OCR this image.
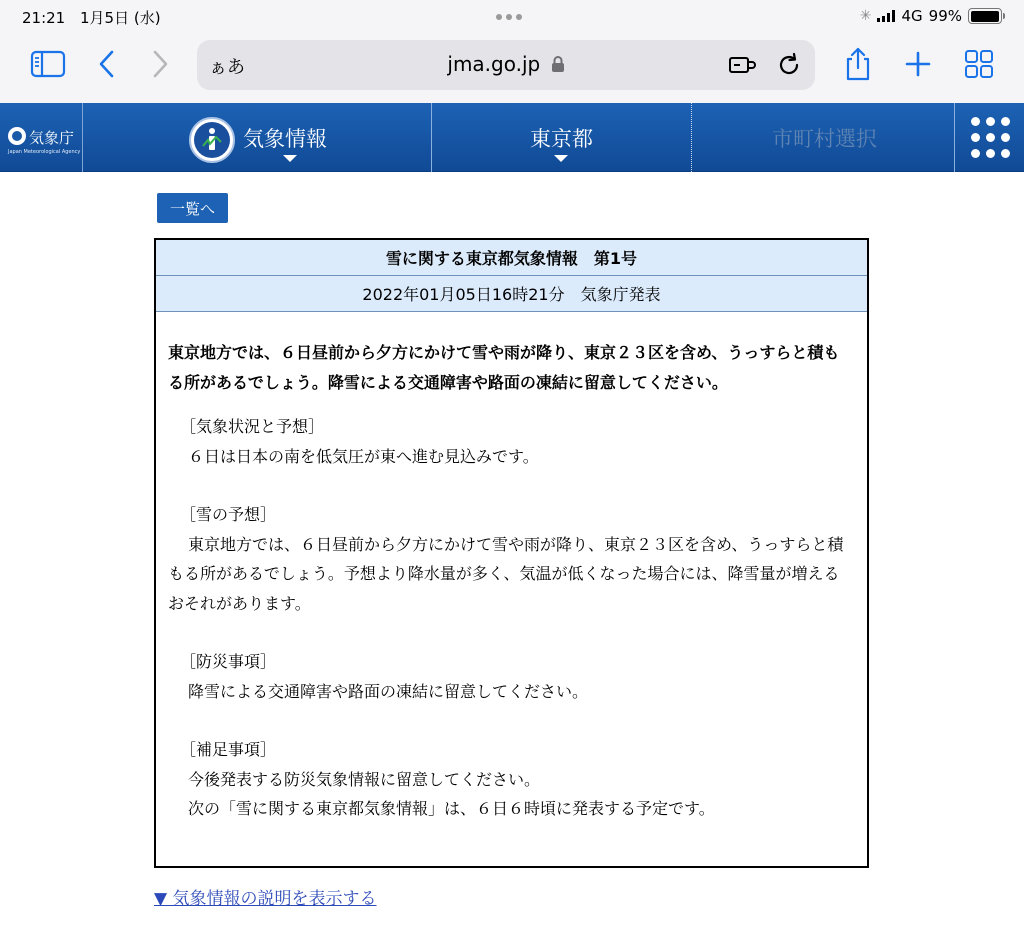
21:21 1月5日 (水)	✳ 4G 99%
ぁあ	jma.go.jp
気象庁
Japan Meteorological Agency
気象情報	東京都	市町村選択
一覧へ
雪に関する東京都気象情報　第1号
2022年01月05日16時21分　気象庁発表
東京地方では、６日昼前から夕方にかけて雪や雨が降り、東京２３区を含め、うっすらと積もる所があるでしょう。降雪による交通障害や路面の凍結に留意してください。
［気象状況と予想］
６日は日本の南を低気圧が東へ進む見込みです。
［雪の予想］
東京地方では、６日昼前から夕方にかけて雪や雨が降り、東京２３区を含め、うっすらと積もる所があるでしょう。予想より降水量が多く、気温が低くなった場合には、降雪量が増えるおそれがあります。
［防災事項］
降雪による交通障害や路面の凍結に留意してください。
［補足事項］
今後発表する防災気象情報に留意してください。
次の「雪に関する東京都気象情報」は、６日６時頃に発表する予定です。
▼ 気象情報の説明を表示する
